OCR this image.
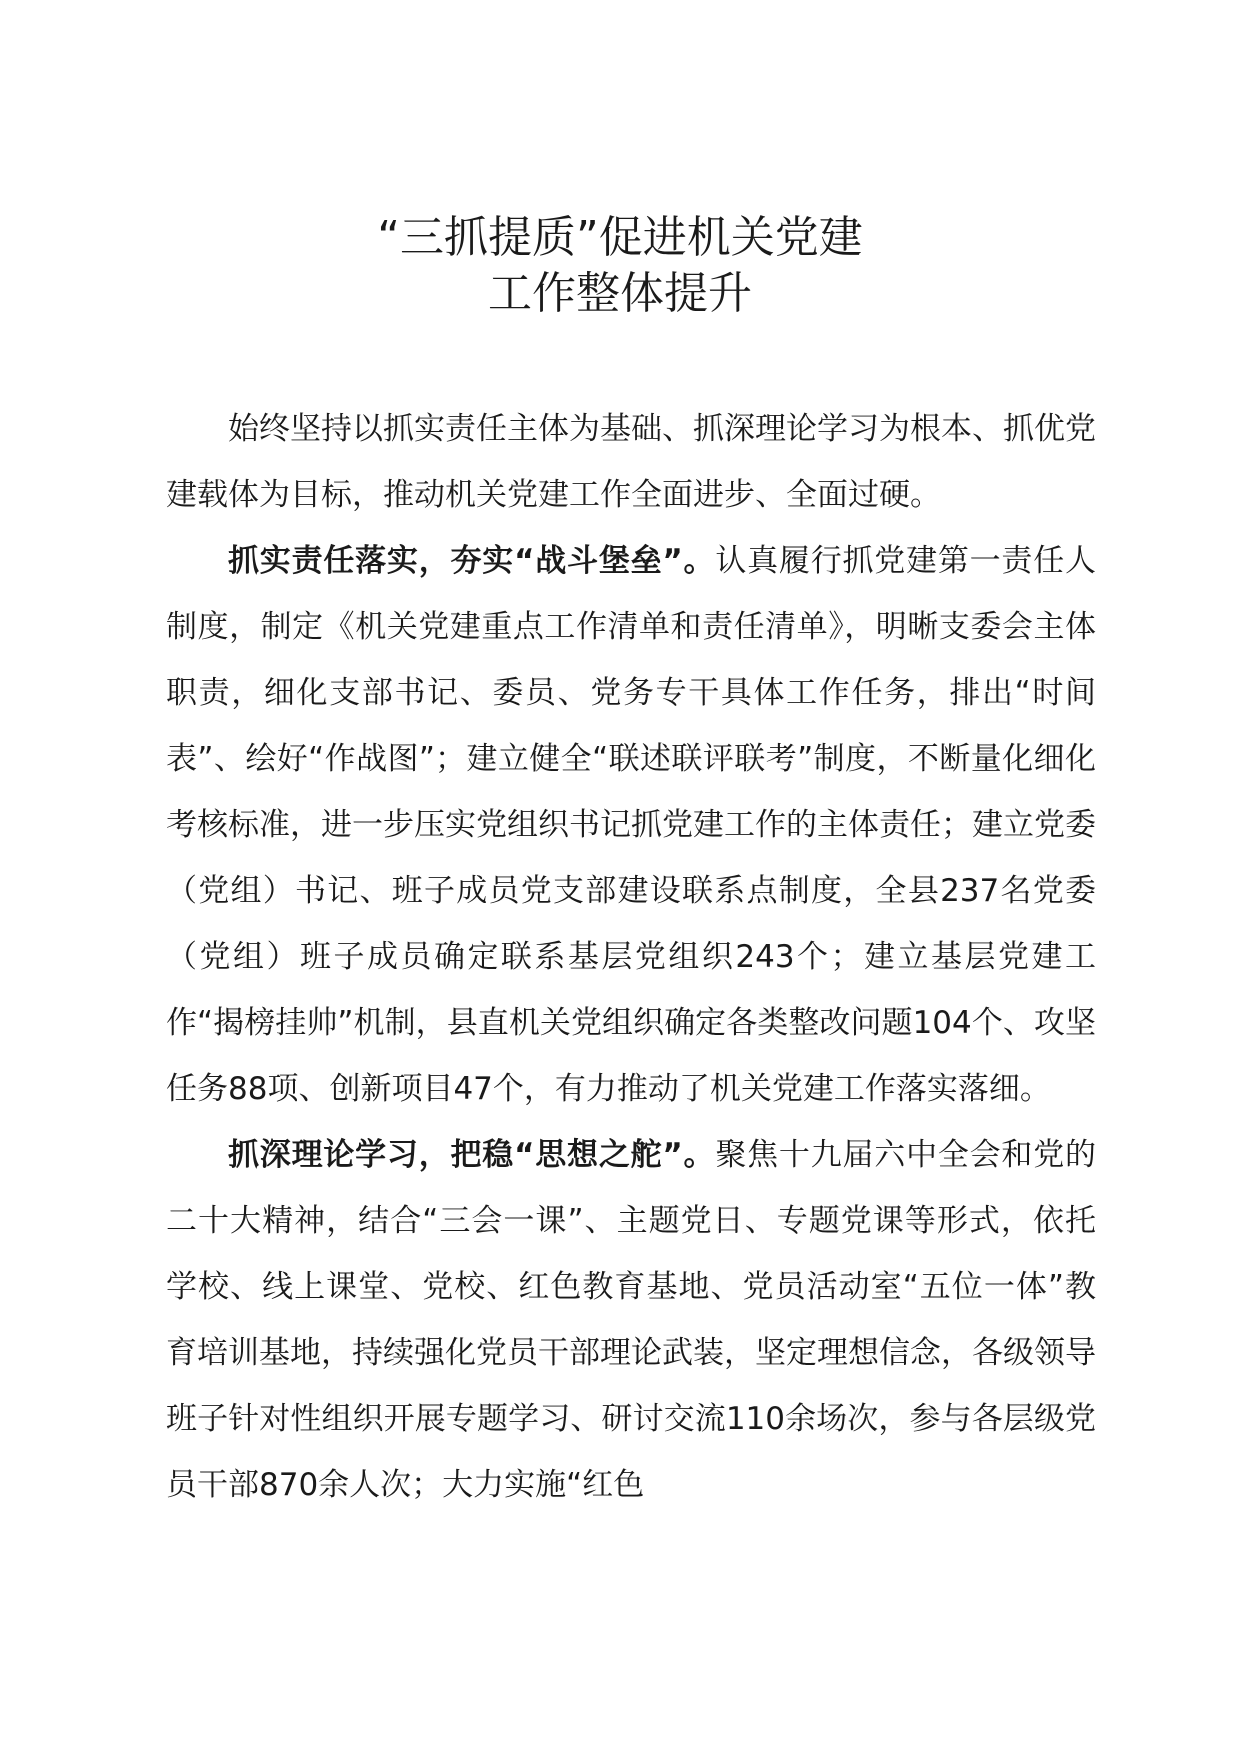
“三抓提质”促进机关党建

工作整体提升

始终坚持以抓实责任主体为基础、抓深理论学习为根本、抓优党建载体为目标，推动机关党建工作全面进步、全面过硬。

抓实责任落实，夯实“战斗堡垒”。认真履行抓党建第一责任人制度，制定《机关党建重点工作清单和责任清单》，明晰支委会主体职责，细化支部书记、委员、党务专干具体工作任务，排出“时间表”、绘好“作战图”；建立健全“联述联评联考”制度，不断量化细化考核标准，进一步压实党组织书记抓党建工作的主体责任；建立党委（党组）书记、班子成员党支部建设联系点制度，全县237名党委（党组）班子成员确定联系基层党组织243个；建立基层党建工作“揭榜挂帅”机制，县直机关党组织确定各类整改问题104个、攻坚任务88项、创新项目47个，有力推动了机关党建工作落实落细。

抓深理论学习，把稳“思想之舵”。聚焦十九届六中全会和党的二十大精神，结合“三会一课”、主题党日、专题党课等形式，依托学校、线上课堂、党校、红色教育基地、党员活动室“五位一体”教育培训基地，持续强化党员干部理论武装，坚定理想信念，各级领导班子针对性组织开展专题学习、研讨交流110余场次，参与各层级党员干部870余人次；大力实施“红色
